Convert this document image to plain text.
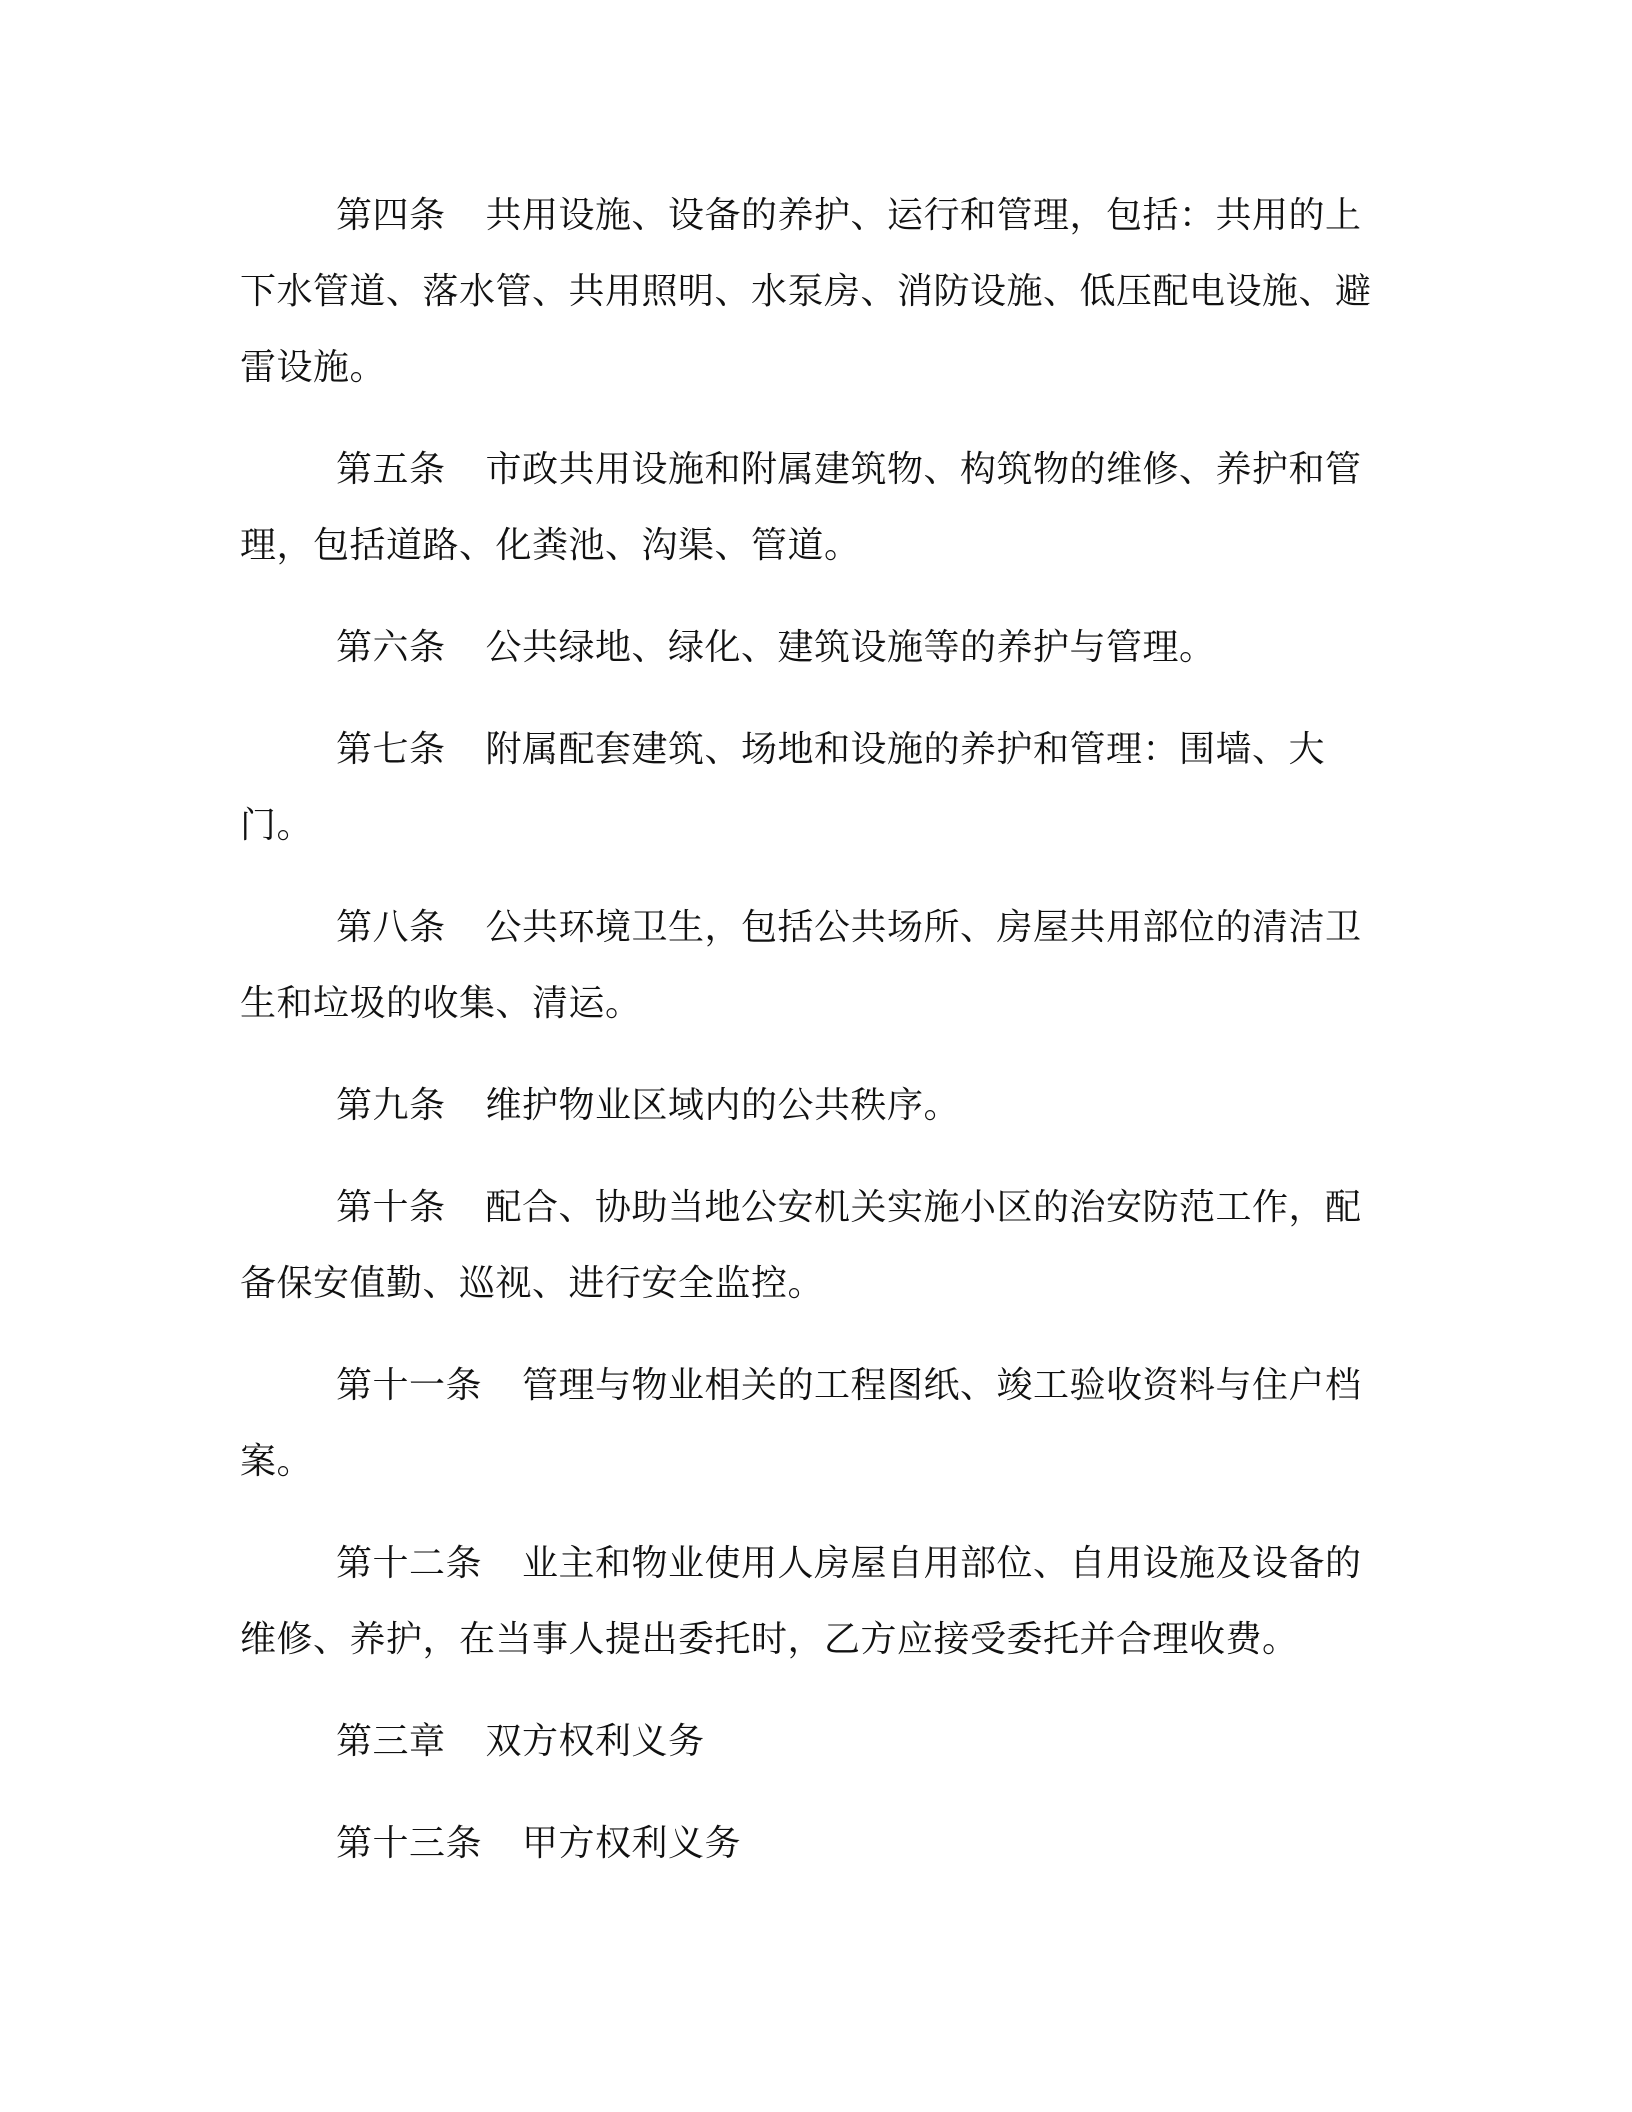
第四条 共用设施、设备的养护、运行和管理，包括：共用的上下水管道、落水管、共用照明、水泵房、消防设施、低压配电设施、避雷设施。

第五条 市政共用设施和附属建筑物、构筑物的维修、养护和管理，包括道路、化粪池、沟渠、管道。

第六条 公共绿地、绿化、建筑设施等的养护与管理。

第七条 附属配套建筑、场地和设施的养护和管理：围墙、大门。

第八条 公共环境卫生，包括公共场所、房屋共用部位的清洁卫生和垃圾的收集、清运。

第九条 维护物业区域内的公共秩序。

第十条 配合、协助当地公安机关实施小区的治安防范工作，配备保安值勤、巡视、进行安全监控。

第十一条 管理与物业相关的工程图纸、竣工验收资料与住户档案。

第十二条 业主和物业使用人房屋自用部位、自用设施及设备的维修、养护，在当事人提出委托时，乙方应接受委托并合理收费。

第三章 双方权利义务

第十三条 甲方权利义务
